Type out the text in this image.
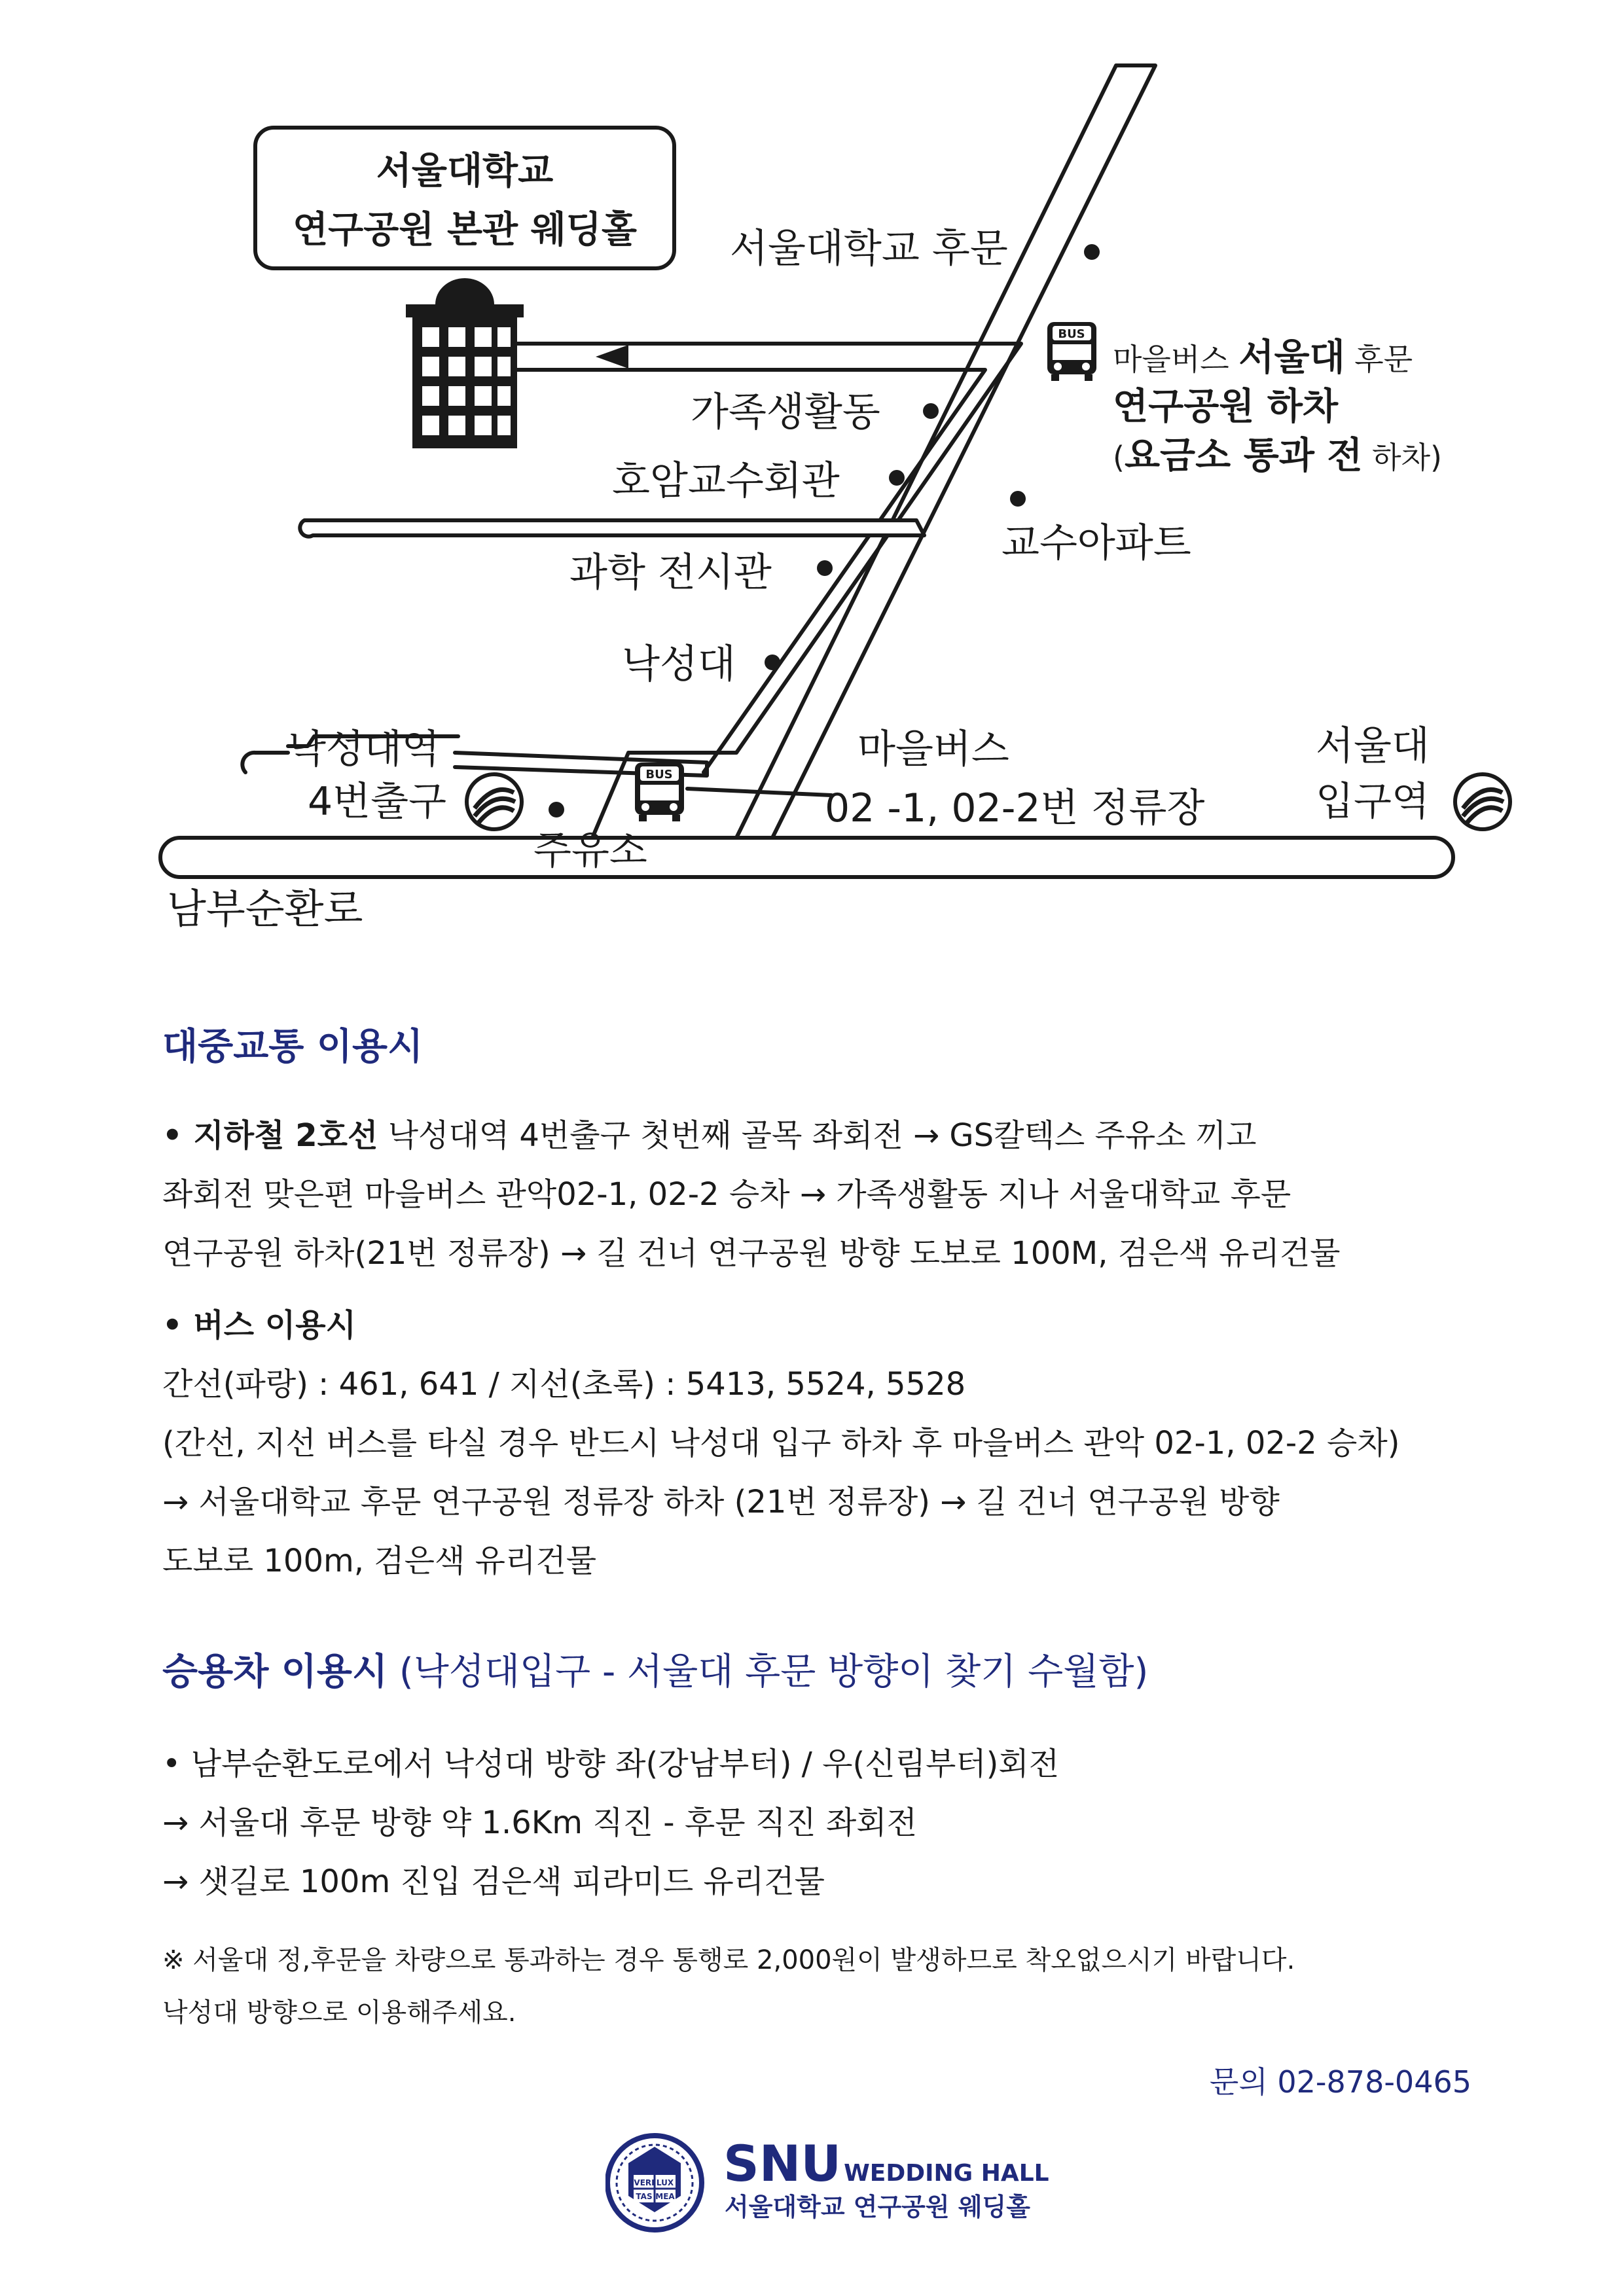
서울대학교
연구공원 본관 웨딩홀 서울대학교 후문
가족생활동
호암교수회관
과학 전시관
낙성대
교수아파트
낙성대역
4번출구
주유소
서울대
입구역
마을버스
02 -1, 02-2번 정류장
남부순환로
마을버스 서울대 후문
연구공원 하차
(요금소 통과 전 하차)
BUS
BUS

대중교통 이용시

• 지하철 2호선 낙성대역 4번출구 첫번째 골목 좌회전 → GS칼텍스 주유소 끼고

좌회전 맞은편 마을버스 관악02-1, 02-2 승차 → 가족생활동 지나 서울대학교 후문

연구공원 하차(21번 정류장) → 길 건너 연구공원 방향 도보로 100M, 검은색 유리건물

• 버스 이용시

간선(파랑) : 461, 641 / 지선(초록) : 5413, 5524, 5528

(간선, 지선 버스를 타실 경우 반드시 낙성대 입구 하차 후 마을버스 관악 02-1, 02-2 승차)

→ 서울대학교 후문 연구공원 정류장 하차 (21번 정류장) → 길 건너 연구공원 방향

도보로 100m, 검은색 유리건물

승용차 이용시 (낙성대입구 - 서울대 후문 방향이 찾기 수월함)

• 남부순환도로에서 낙성대 방향 좌(강남부터) / 우(신림부터)회전

→ 서울대 후문 방향 약 1.6Km 직진 - 후문 직진 좌회전

→ 샛길로 100m 진입 검은색 피라미드 유리건물

※ 서울대 정,후문을 차량으로 통과하는 경우 통행로 2,000원이 발생하므로 착오없으시기 바랍니다.

낙성대 방향으로 이용해주세요.

문의 02-878-0465
VERI LUX
TAS MEA
SNU WEDDING HALL
서울대학교 연구공원 웨딩홀
